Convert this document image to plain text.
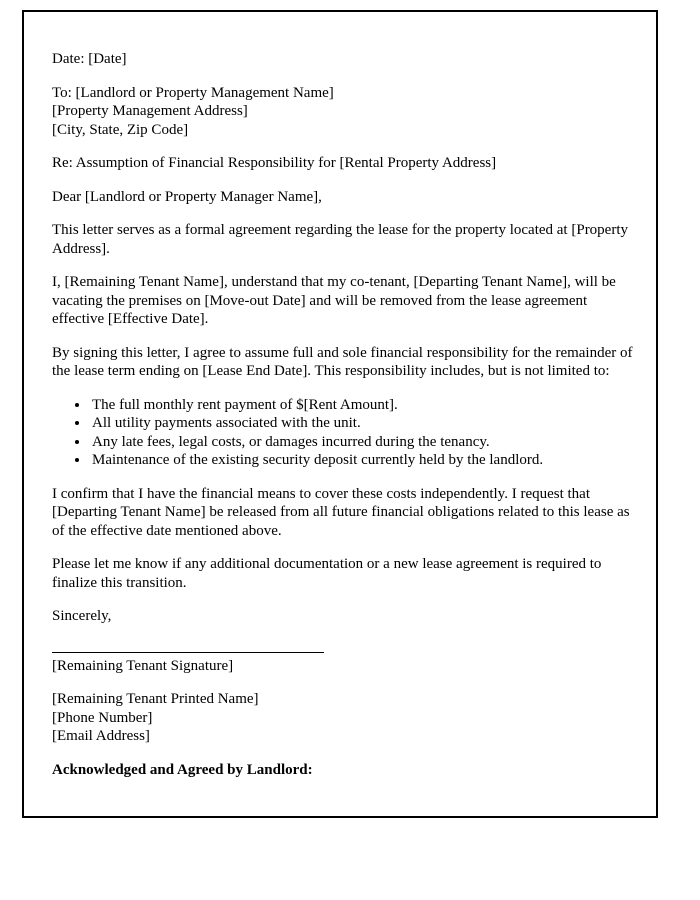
Date: [Date]

To: [Landlord or Property Management Name]

[Property Management Address]

[City, State, Zip Code]

Re: Assumption of Financial Responsibility for [Rental Property Address]

Dear [Landlord or Property Manager Name],

This letter serves as a formal agreement regarding the lease for the property located at [Property Address].

I, [Remaining Tenant Name], understand that my co-tenant, [Departing Tenant Name], will be vacating the premises on [Move-out Date] and will be removed from the lease agreement effective [Effective Date].

By signing this letter, I agree to assume full and sole financial responsibility for the remainder of the lease term ending on [Lease End Date]. This responsibility includes, but is not limited to:

• The full monthly rent payment of $[Rent Amount].
• All utility payments associated with the unit.
• Any late fees, legal costs, or damages incurred during the tenancy.
• Maintenance of the existing security deposit currently held by the landlord.

I confirm that I have the financial means to cover these costs independently. I request that [Departing Tenant Name] be released from all future financial obligations related to this lease as of the effective date mentioned above.

Please let me know if any additional documentation or a new lease agreement is required to finalize this transition.

Sincerely,

[Remaining Tenant Signature]

[Remaining Tenant Printed Name]

[Phone Number]

[Email Address]

Acknowledged and Agreed by Landlord:
